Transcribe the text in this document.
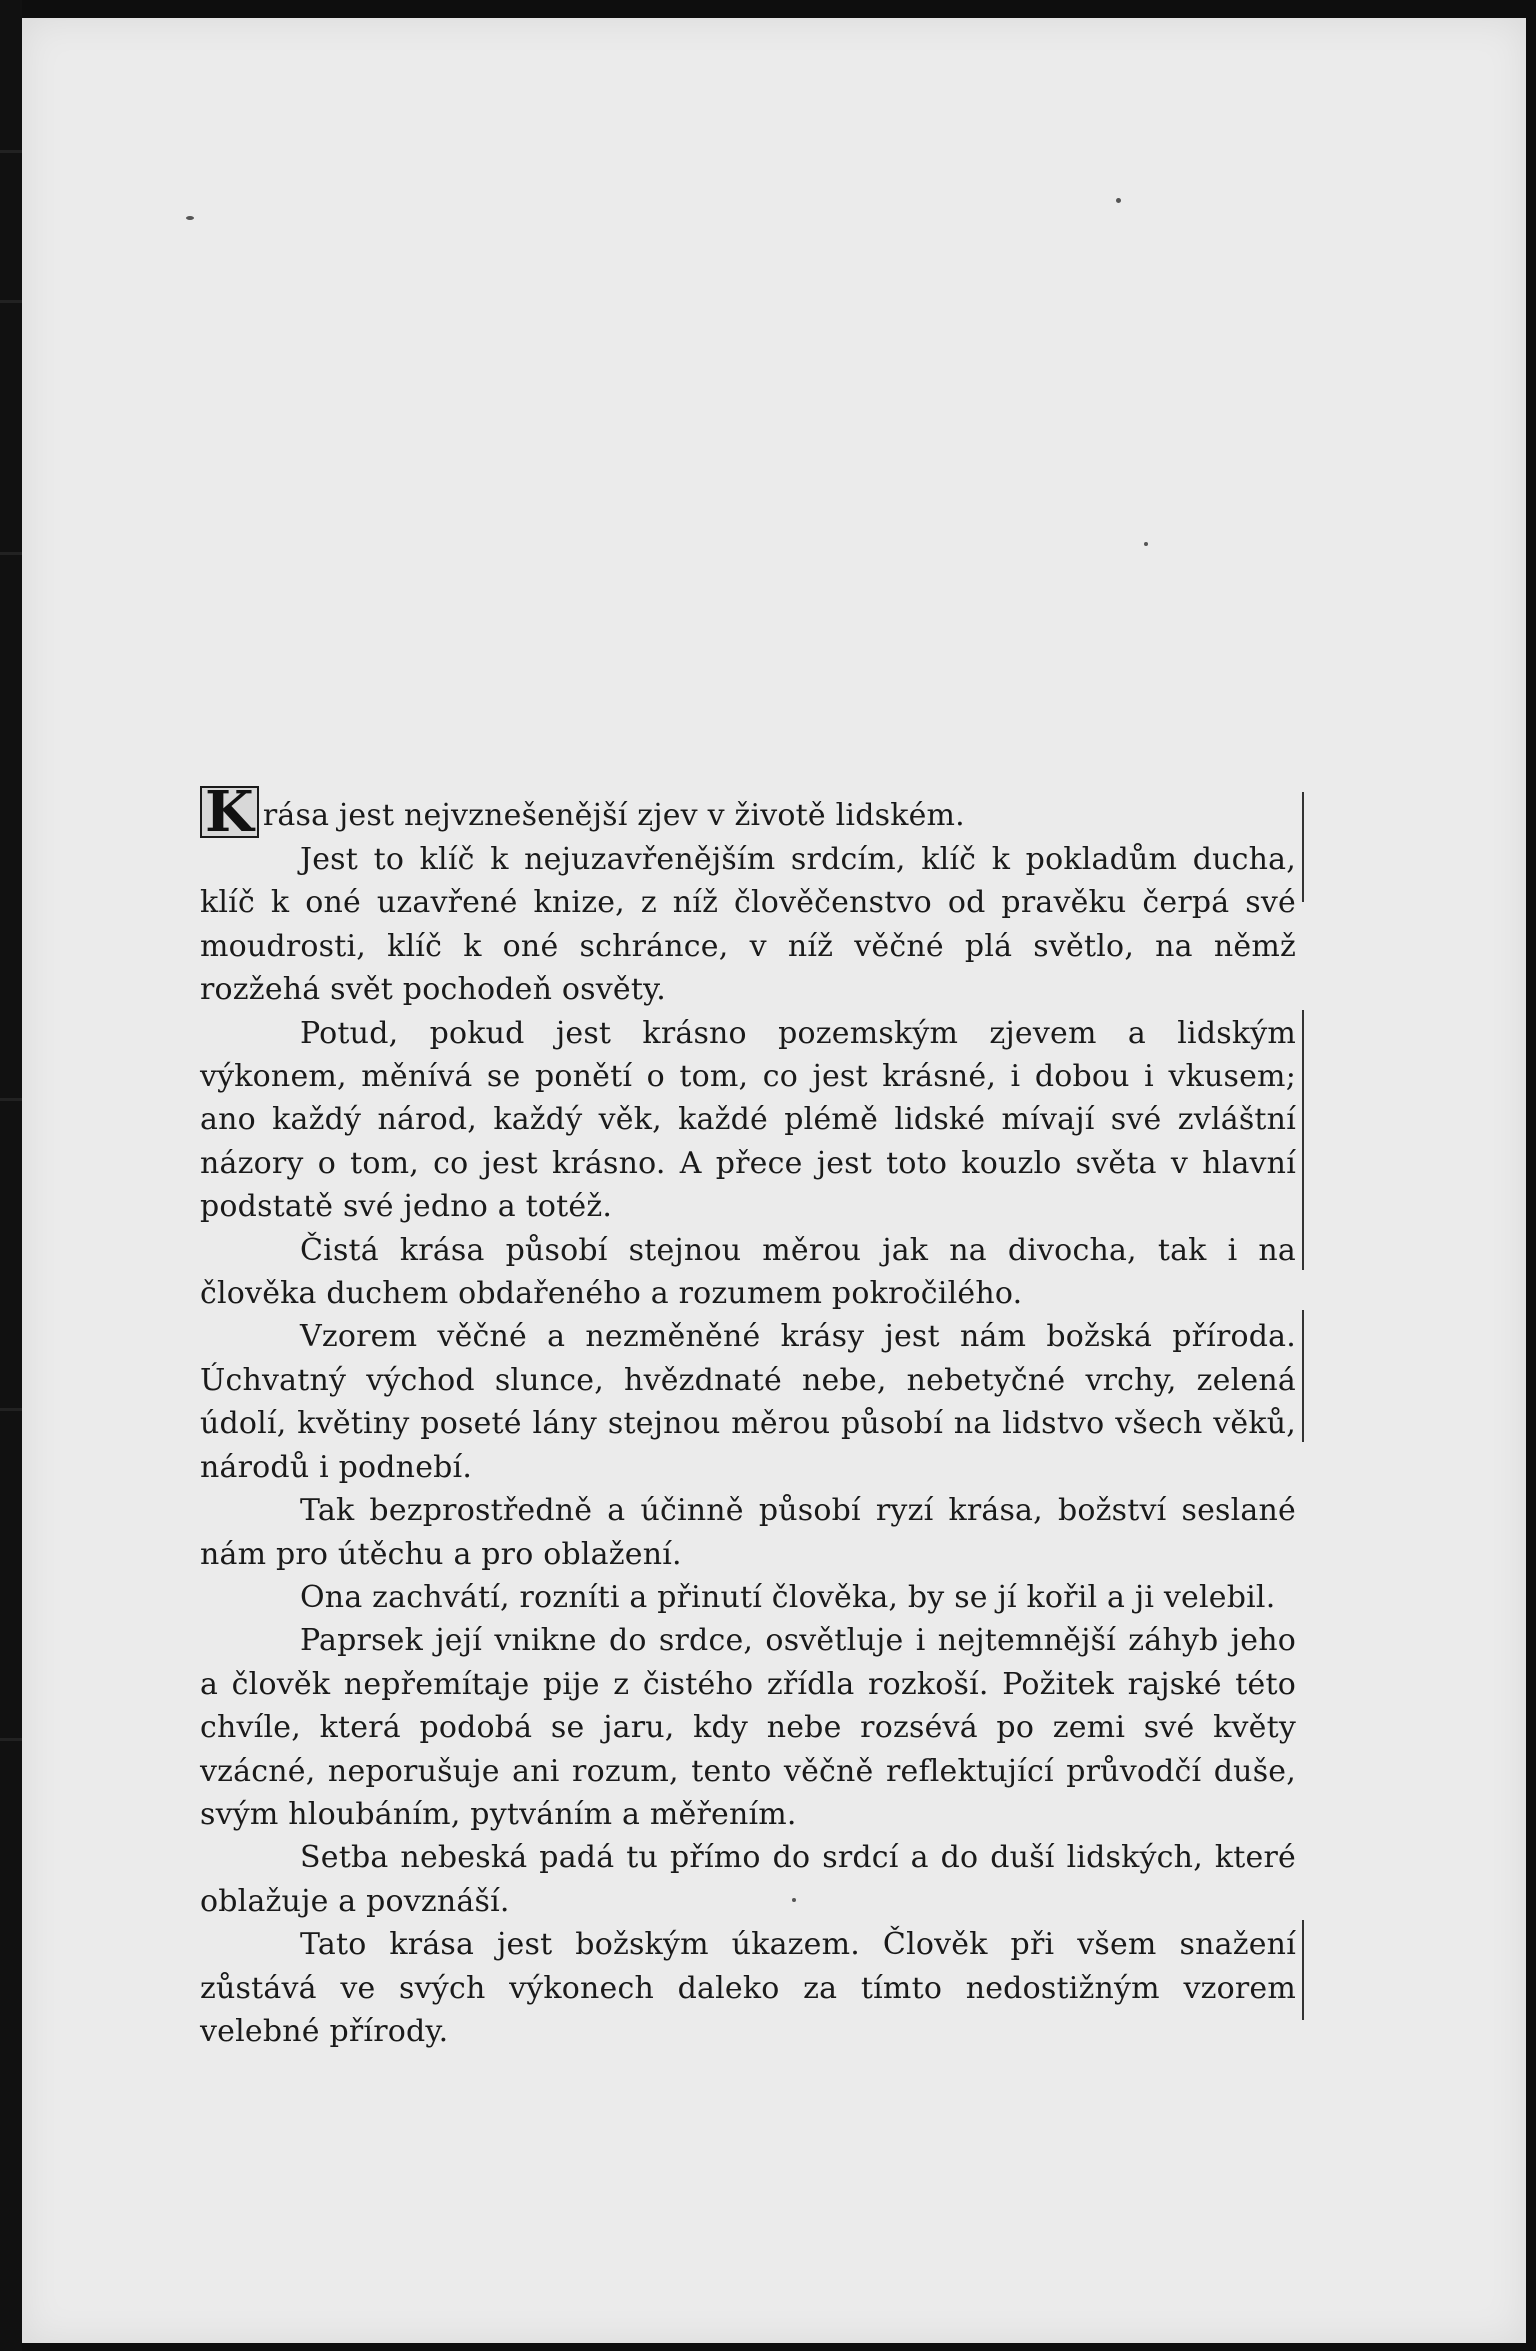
K rása jest nejvznešenější zjev v životě lidském.

Jest to klíč k nejuzavřenějším srdcím, klíč k pokladům ducha, klíč k oné uzavřené knize, z níž člověčenstvo od pravěku čerpá své moudrosti, klíč k oné schránce, v níž věčné plá světlo, na němž rozžehá svět pochodeň osvěty.

Potud, pokud jest krásno pozemským zjevem a lidským výkonem, měnívá se ponětí o tom, co jest krásné, i dobou i vkusem; ano každý národ, každý věk, každé plémě lidské mívají své zvláštní názory o tom, co jest krásno. A přece jest toto kouzlo světa v hlavní podstatě své jedno a totéž.

Čistá krása působí stejnou měrou jak na divocha, tak i na člověka duchem obdařeného a rozumem pokročilého.

Vzorem věčné a nezměněné krásy jest nám božská příroda. Úchvatný východ slunce, hvězdnaté nebe, nebetyčné vrchy, zelená údolí, květiny poseté lány stejnou měrou působí na lidstvo všech věků, národů i podnebí.

Tak bezprostředně a účinně působí ryzí krása, božství seslané nám pro útěchu a pro oblažení.

Ona zachvátí, rozníti a přinutí člověka, by se jí kořil a ji velebil.

Paprsek její vnikne do srdce, osvětluje i nejtemnější záhyb jeho a člověk nepřemítaje pije z čistého zřídla rozkoší. Požitek rajské této chvíle, která podobá se jaru, kdy nebe rozsévá po zemi své květy vzácné, neporušuje ani rozum, tento věčně reflektující průvodčí duše, svým hloubáním, pytváním a měřením.

Setba nebeská padá tu přímo do srdcí a do duší lidských, které oblažuje a povznáší.

Tato krása jest božským úkazem. Člověk při všem snažení zůstává ve svých výkonech daleko za tímto nedostižným vzorem velebné přírody.
